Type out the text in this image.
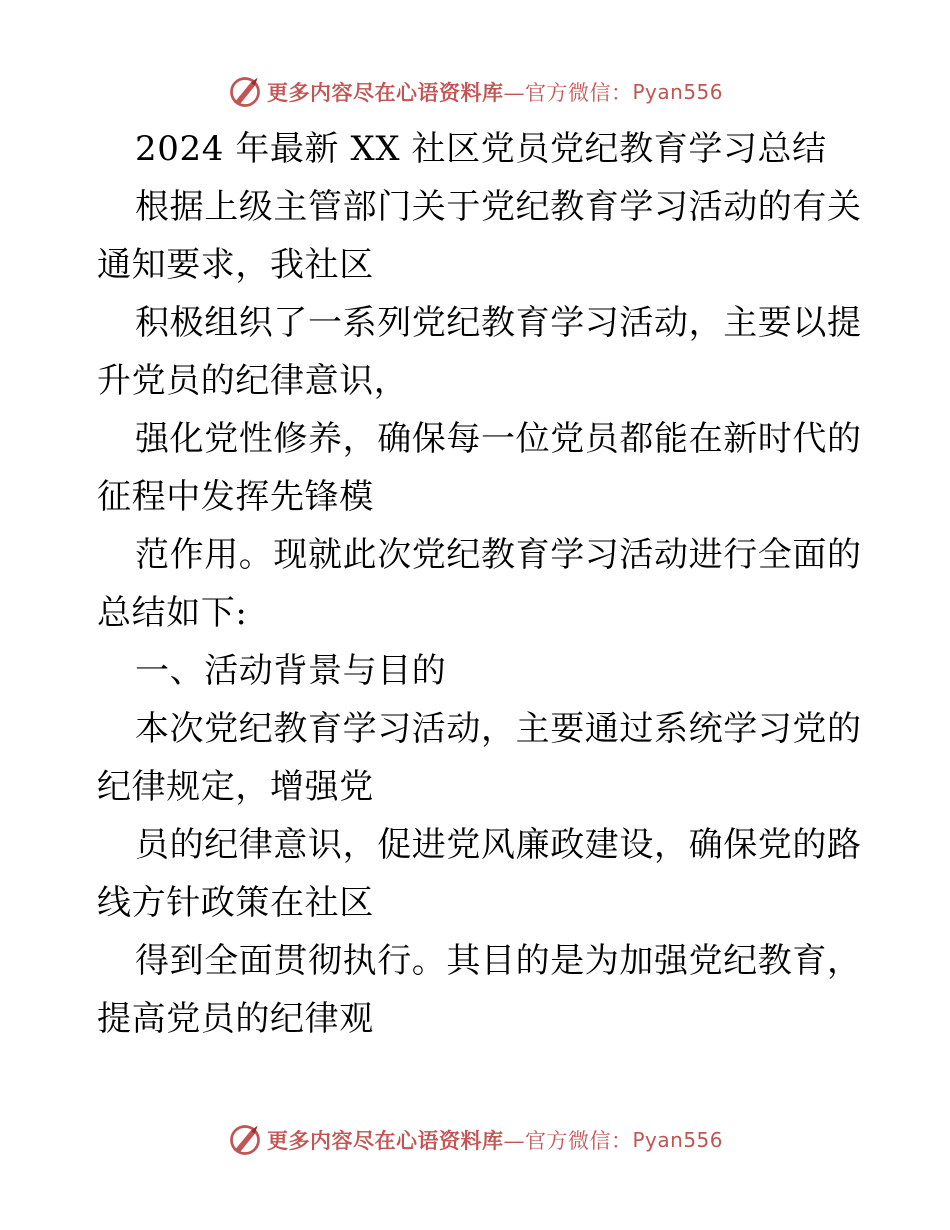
更多内容尽在心语资料库 —官方微信： Pyan556
2024 年最新 XX 社区党员党纪教育学习总结
根据上级主管部门关于党纪教育学习活动的有关
通知要求，我社区
积极组织了一系列党纪教育学习活动，主要以提
升党员的纪律意识，
强化党性修养，确保每一位党员都能在新时代的
征程中发挥先锋模
范作用。现就此次党纪教育学习活动进行全面的
总结如下:
一、活动背景与目的
本次党纪教育学习活动，主要通过系统学习党的
纪律规定，增强党
员的纪律意识，促进党风廉政建设，确保党的路
线方针政策在社区
得到全面贯彻执行。其目的是为加强党纪教育，
提高党员的纪律观
更多内容尽在心语资料库 —官方微信： Pyan556
